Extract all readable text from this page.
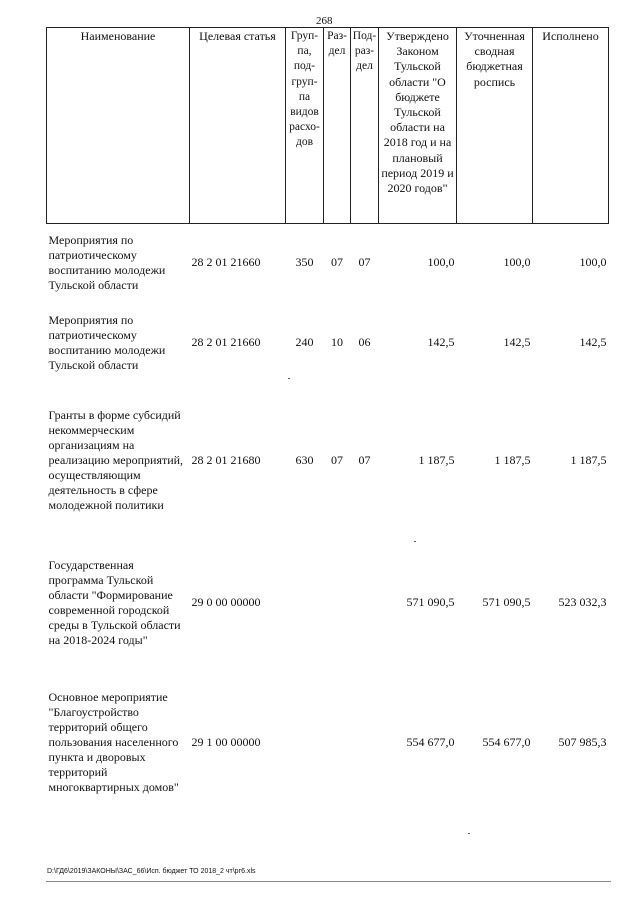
268
Наименование	Целевая статья	Груп-па, под-груп-па видов расхо-дов	Раз-дел	Под-раз-дел	Утверждено Законом Тульской области "О бюджете Тульской области на 2018 год и на плановый период 2019 и 2020 годов"	Уточненная сводная бюджетная роспись	Исполнено
Мероприятия по патриотическому воспитанию молодежи Тульской области	28 2 01 21660	350	07	07	100,0	100,0	100,0
Мероприятия по патриотическому воспитанию молодежи Тульской области	28 2 01 21660	240	10	06	142,5	142,5	142,5
Гранты в форме субсидий некоммерческим организациям на реализацию мероприятий, осуществляющим деятельность в сфере молодежной политики	28 2 01 21680	630	07	07	1 187,5	1 187,5	1 187,5
Государственная программа Тульской области "Формирование современной городской среды в Тульской области на 2018-2024 годы"	29 0 00 00000				571 090,5	571 090,5	523 032,3
Основное мероприятие "Благоустройство территорий общего пользования населенного пункта и дворовых территорий многоквартирных домов"	29 1 00 00000				554 677,0	554 677,0	507 985,3
D:\ГД6\2019\ЗАКОНЫ\ЗАС_66\Исп. бюджет ТО 2018_2 чт\рг6.xls
